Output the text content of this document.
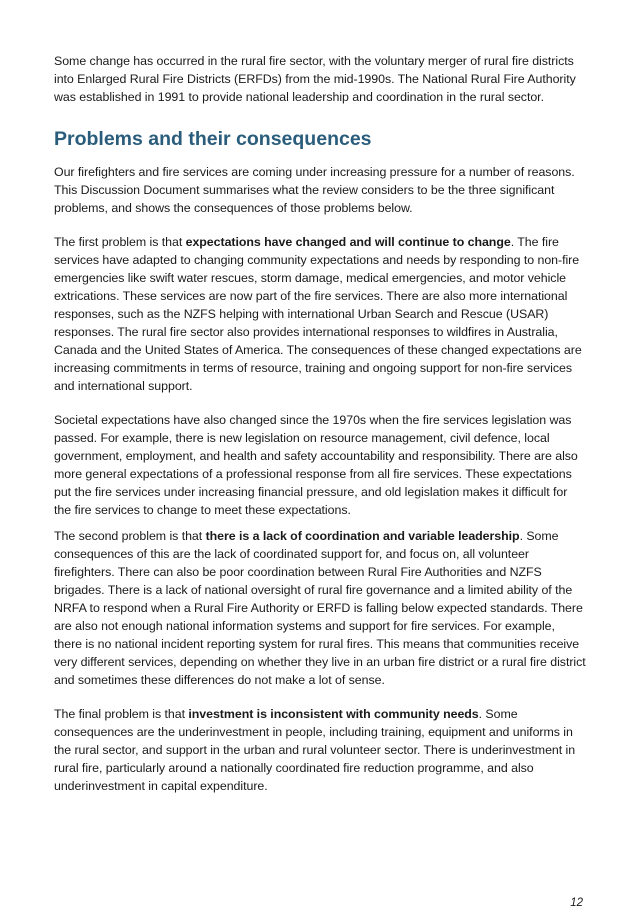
Some change has occurred in the rural fire sector, with the voluntary merger of rural fire districts into Enlarged Rural Fire Districts (ERFDs) from the mid-1990s. The National Rural Fire Authority was established in 1991 to provide national leadership and coordination in the rural sector.

Problems and their consequences

Our firefighters and fire services are coming under increasing pressure for a number of reasons. This Discussion Document summarises what the review considers to be the three significant problems, and shows the consequences of those problems below.

The first problem is that expectations have changed and will continue to change. The fire services have adapted to changing community expectations and needs by responding to non-fire emergencies like swift water rescues, storm damage, medical emergencies, and motor vehicle extrications. These services are now part of the fire services. There are also more international responses, such as the NZFS helping with international Urban Search and Rescue (USAR) responses. The rural fire sector also provides international responses to wildfires in Australia, Canada and the United States of America. The consequences of these changed expectations are increasing commitments in terms of resource, training and ongoing support for non-fire services and international support.

Societal expectations have also changed since the 1970s when the fire services legislation was passed. For example, there is new legislation on resource management, civil defence, local government, employment, and health and safety accountability and responsibility. There are also more general expectations of a professional response from all fire services. These expectations put the fire services under increasing financial pressure, and old legislation makes it difficult for the fire services to change to meet these expectations.

The second problem is that there is a lack of coordination and variable leadership. Some consequences of this are the lack of coordinated support for, and focus on, all volunteer firefighters. There can also be poor coordination between Rural Fire Authorities and NZFS brigades. There is a lack of national oversight of rural fire governance and a limited ability of the NRFA to respond when a Rural Fire Authority or ERFD is falling below expected standards. There are also not enough national information systems and support for fire services. For example, there is no national incident reporting system for rural fires. This means that communities receive very different services, depending on whether they live in an urban fire district or a rural fire district and sometimes these differences do not make a lot of sense.

The final problem is that investment is inconsistent with community needs. Some consequences are the underinvestment in people, including training, equipment and uniforms in the rural sector, and support in the urban and rural volunteer sector. There is underinvestment in rural fire, particularly around a nationally coordinated fire reduction programme, and also underinvestment in capital expenditure.

12
